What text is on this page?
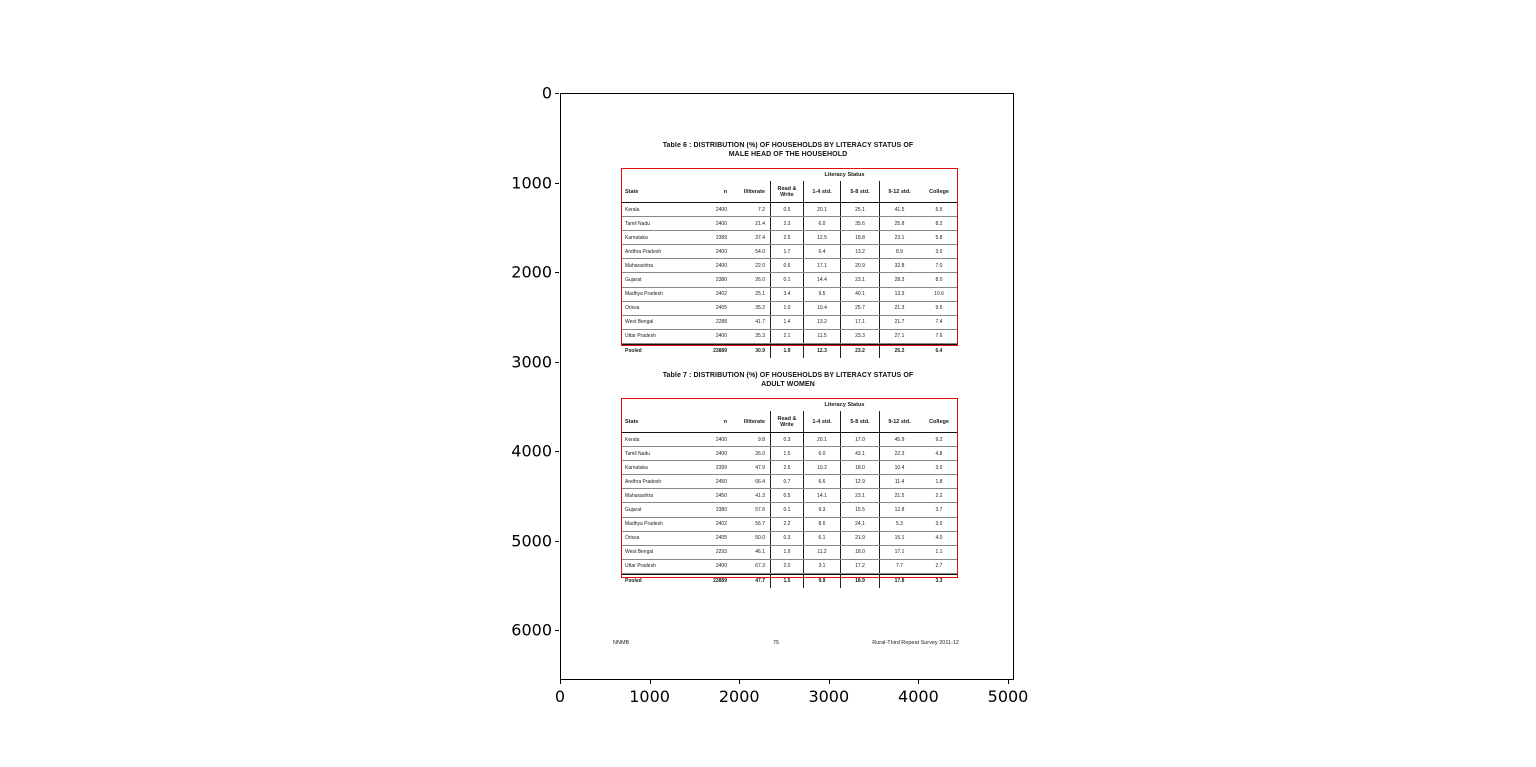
Table 6 : DISTRIBUTION (%) OF HOUSEHOLDS BY LITERACY STATUS OF
MALE HEAD OF THE HOUSEHOLD
Literacy Status
State	n	Illiterate	Read & Write	1-4 std.	5-8 std.	9-12 std.	College
Kerala	2400	7.2	0.5	20.1	25.1	41.5	5.5
Tamil Nadu	2400	21.4	2.3	6.0	35.6	25.8	8.2
Karnataka	2389	37.4	2.5	12.5	18.8	23.1	5.8
Andhra Pradesh	2400	54.0	1.7	6.4	13.2	8.9	3.0
Maharashtra	2400	22.0	0.6	17.1	20.9	32.8	7.0
Gujarat	2380	26.0	0.1	14.4	23.1	28.3	8.0
Madhya Pradesh	2402	25.1	3.4	9.5	40.1	13.3	10.6
Orissa	2405	35.2	1.0	10.4	25.7	21.3	9.5
West Bengal	2288	41.7	1.4	13.2	17.1	21.7	7.4
Uttar Pradesh	2400	35.3	2.1	11.5	23.3	27.1	7.6
Pooled	23889	30.9	1.9	12.3	23.2	25.2	6.4
Table 7 : DISTRIBUTION (%) OF HOUSEHOLDS BY LITERACY STATUS OF
ADULT WOMEN
Literacy Status
State	n	Illiterate	Read & Write	1-4 std.	5-8 std.	9-12 std.	College
Kerala	2400	9.8	0.3	20.1	17.0	45.9	9.2
Tamil Nadu	2400	26.0	1.5	6.0	43.1	22.3	4.8
Karnataka	2399	47.9	2.5	10.2	18.0	10.4	3.0
Andhra Pradesh	2450	66.4	0.7	6.6	12.9	11.4	1.8
Maharashtra	2450	41.3	0.5	14.1	23.1	21.5	2.2
Gujarat	2380	57.6	0.1	9.3	15.5	12.8	3.7
Madhya Pradesh	2402	56.7	2.2	8.6	24.1	5.3	3.0
Orissa	2405	50.0	0.3	6.1	21.9	15.1	4.0
West Bengal	2293	46.1	1.9	11.2	18.0	17.1	1.1
Uttar Pradesh	2400	67.3	2.0	3.1	17.2	7.7	2.7
Pooled	23889	47.7	1.5	9.9	18.9	17.8	3.3
NNMB	75	Rural-Third Repeat Survey 2011-12
0	1000	2000	3000	4000	5000
0
1000
2000
3000
4000
5000
6000
